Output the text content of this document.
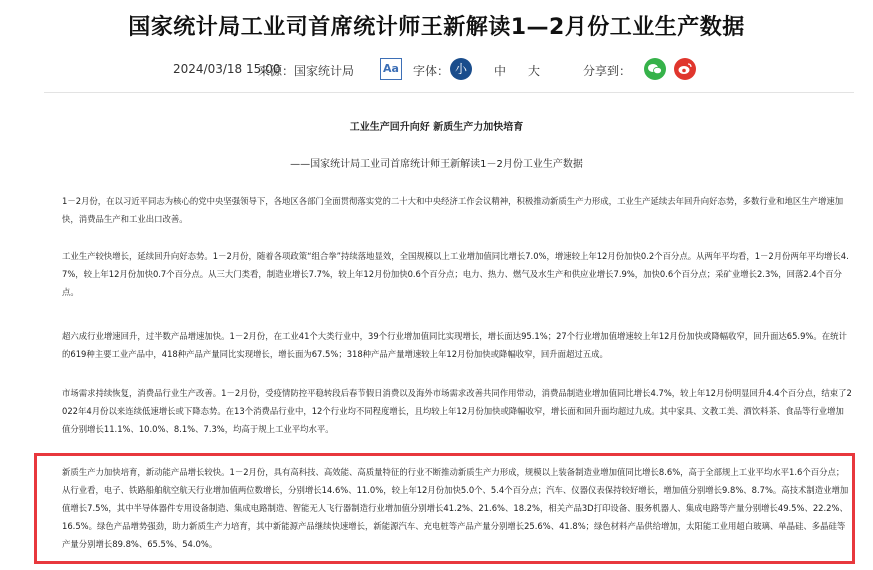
国家统计局工业司首席统计师王新解读1—2月份工业生产数据
2024/03/18 15:00
来源：国家统计局	Aa 字体： 小	中 大	分享到：
工业生产回升向好 新质生产力加快培育
——国家统计局工业司首席统计师王新解读1－2月份工业生产数据

1－2月份，在以习近平同志为核心的党中央坚强领导下，各地区各部门全面贯彻落实党的二十大和中央经济工作会议精神，积极推动新质生产力形成，工业生产延续去年回升向好态势，多数行业和地区生产增速加快，消费品生产和工业出口改善。

工业生产较快增长，延续回升向好态势。1－2月份，随着各项政策“组合拳”持续落地显效，全国规模以上工业增加值同比增长7.0%，增速较上年12月份加快0.2个百分点。从两年平均看，1－2月份两年平均增长4.7%，较上年12月份加快0.7个百分点。从三大门类看，制造业增长7.7%，较上年12月份加快0.6个百分点；电力、热力、燃气及水生产和供应业增长7.9%，加快0.6个百分点；采矿业增长2.3%，回落2.4个百分点。

超六成行业增速回升，过半数产品增速加快。1－2月份，在工业41个大类行业中，39个行业增加值同比实现增长，增长面达95.1%；27个行业增加值增速较上年12月份加快或降幅收窄，回升面达65.9%。在统计的619种主要工业产品中，418种产品产量同比实现增长，增长面为67.5%；318种产品产量增速较上年12月份加快或降幅收窄，回升面超过五成。

市场需求持续恢复，消费品行业生产改善。1－2月份，受疫情防控平稳转段后春节假日消费以及海外市场需求改善共同作用带动，消费品制造业增加值同比增长4.7%，较上年12月份明显回升4.4个百分点，结束了2022年4月份以来连续低速增长或下降态势。在13个消费品行业中，12个行业均不同程度增长，且均较上年12月份加快或降幅收窄，增长面和回升面均超过九成。其中家具、文教工美、酒饮料茶、食品等行业增加值分别增长11.1%、10.0%、8.1%、7.3%，均高于规上工业平均水平。

新质生产力加快培育，新动能产品增长较快。1－2月份，具有高科技、高效能、高质量特征的行业不断推动新质生产力形成，规模以上装备制造业增加值同比增长8.6%，高于全部规上工业平均水平1.6个百分点；从行业看，电子、铁路船舶航空航天行业增加值两位数增长，分别增长14.6%、11.0%，较上年12月份加快5.0个、5.4个百分点；汽车、仪器仪表保持较好增长，增加值分别增长9.8%、8.7%。高技术制造业增加值增长7.5%，其中半导体器件专用设备制造、集成电路制造、智能无人飞行器制造行业增加值分别增长41.2%、21.6%、18.2%，相关产品3D打印设备、服务机器人、集成电路等产量分别增长49.5%、22.2%、16.5%。绿色产品增势强劲，助力新质生产力培育，其中新能源产品继续快速增长，新能源汽车、充电桩等产品产量分别增长25.6%、41.8%；绿色材料产品供给增加，太阳能工业用超白玻璃、单晶硅、多晶硅等产量分别增长89.8%、65.5%、54.0%。
